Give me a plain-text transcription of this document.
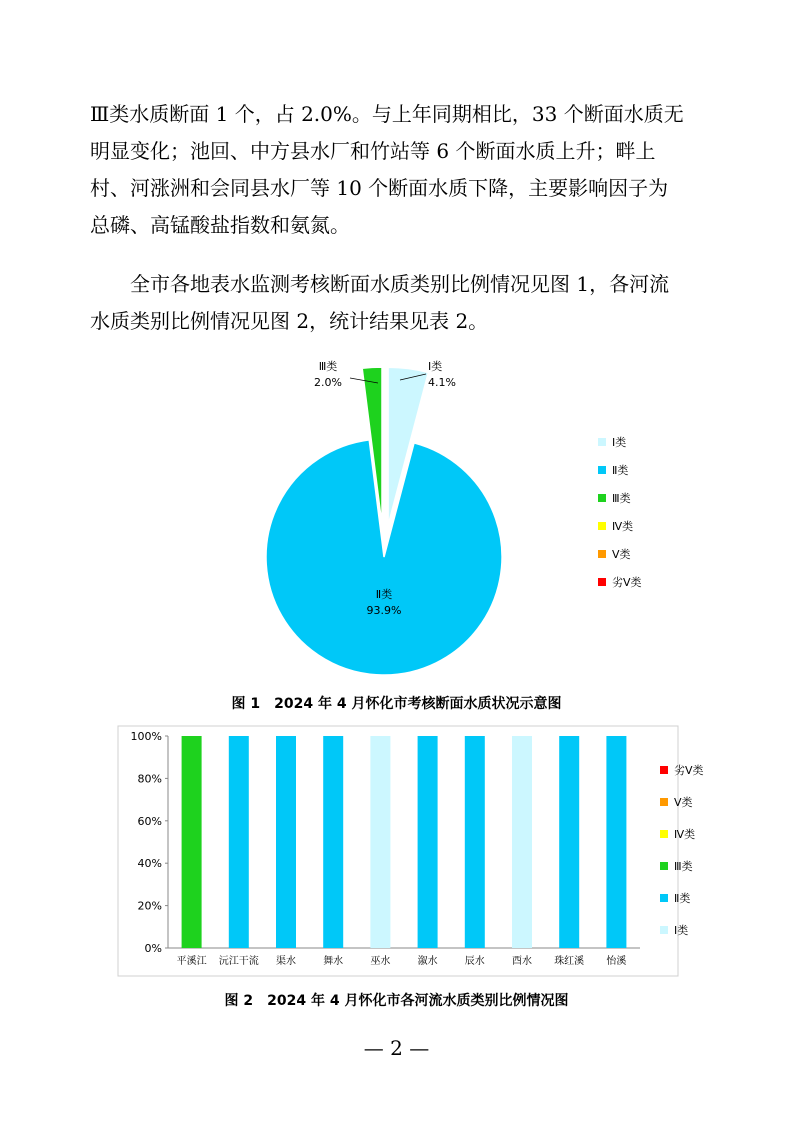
Ⅲ类水质断面 1 个，占 2.0%。与上年同期相比，33 个断面水质无
明显变化；池回、中方县水厂和竹站等 6 个断面水质上升；畔上
村、河涨洲和会同县水厂等 10 个断面水质下降，主要影响因子为
总磷、高锰酸盐指数和氨氮。
　　全市各地表水监测考核断面水质类别比例情况见图 1，各河流
水质类别比例情况见图 2，统计结果见表 2。
Ⅰ类
4.1%
Ⅱ类
93.9%
Ⅲ类
2.0%
Ⅰ类
Ⅱ类
Ⅲ类
Ⅳ类
Ⅴ类
劣Ⅴ类
图 1　2024 年 4 月怀化市考核断面水质状况示意图
0%
20%
40%
60%
80%
100%
平溪江 沅江干流 渠水	舞水	巫水	溆水	辰水	酉水 珠红溪 怡溪
劣Ⅴ类
Ⅴ类
Ⅳ类
Ⅲ类
Ⅱ类
Ⅰ类
图 2　2024 年 4 月怀化市各河流水质类别比例情况图
— 2 —
